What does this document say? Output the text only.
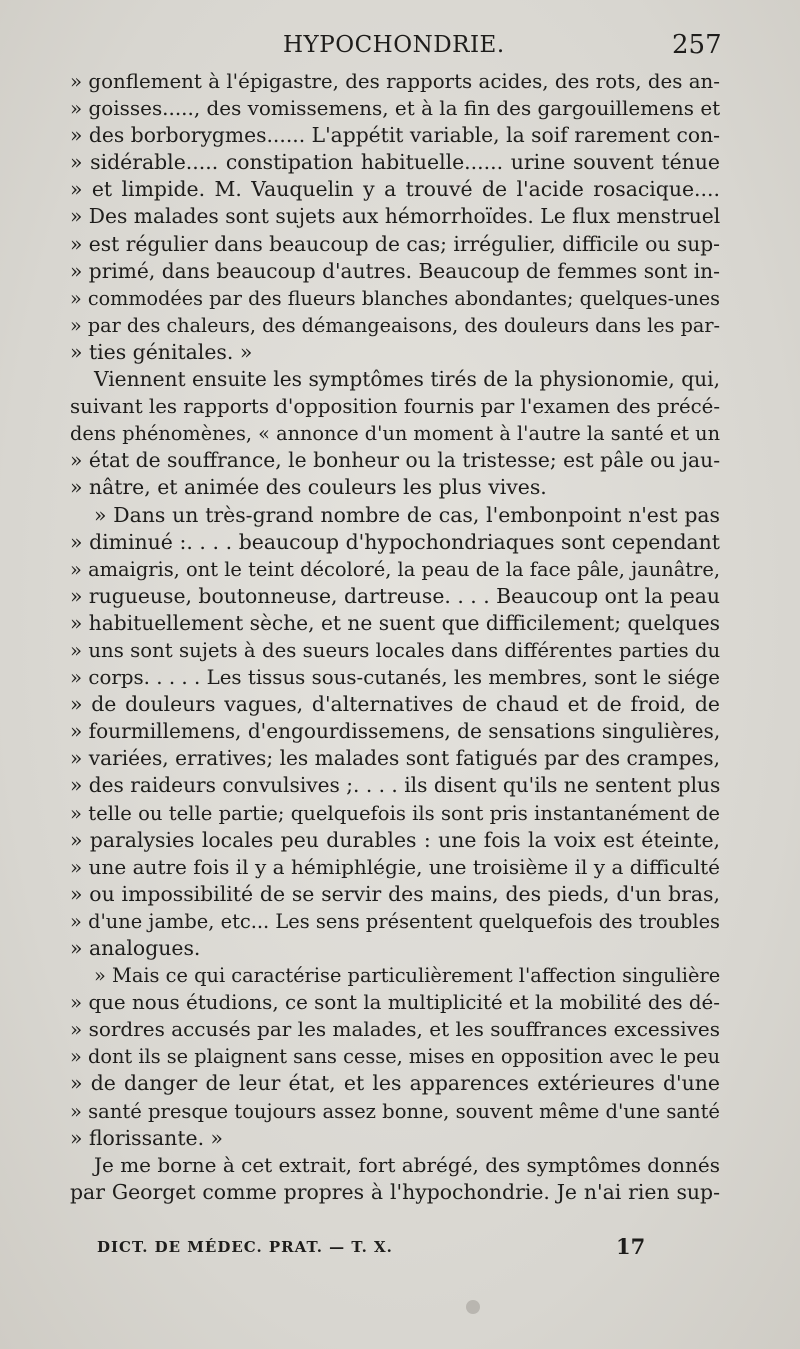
HYPOCHONDRIE.	257
» gonflement à l'épigastre, des rapports acides, des rots, des an-
» goisses....., des vomissemens, et à la fin des gargouillemens et
» des borborygmes...... L'appétit variable, la soif rarement con-
» sidérable..... constipation habituelle...... urine souvent ténue
» et limpide. M. Vauquelin y a trouvé de l'acide rosacique....
» Des malades sont sujets aux hémorrhoïdes. Le flux menstruel
» est régulier dans beaucoup de cas; irrégulier, difficile ou sup-
» primé, dans beaucoup d'autres. Beaucoup de femmes sont in-
» commodées par des flueurs blanches abondantes; quelques-unes
» par des chaleurs, des démangeaisons, des douleurs dans les par-
» ties génitales. »
Viennent ensuite les symptômes tirés de la physionomie, qui,
suivant les rapports d'opposition fournis par l'examen des précé-
dens phénomènes, « annonce d'un moment à l'autre la santé et un
» état de souffrance, le bonheur ou la tristesse; est pâle ou jau-
» nâtre, et animée des couleurs les plus vives.
» Dans un très-grand nombre de cas, l'embonpoint n'est pas
» diminué :. . . . beaucoup d'hypochondriaques sont cependant
» amaigris, ont le teint décoloré, la peau de la face pâle, jaunâtre,
» rugueuse, boutonneuse, dartreuse. . . . Beaucoup ont la peau
» habituellement sèche, et ne suent que difficilement; quelques
» uns sont sujets à des sueurs locales dans différentes parties du
» corps. . . . . Les tissus sous-cutanés, les membres, sont le siége
» de douleurs vagues, d'alternatives de chaud et de froid, de
» fourmillemens, d'engourdissemens, de sensations singulières,
» variées, erratives; les malades sont fatigués par des crampes,
» des raideurs convulsives ;. . . . ils disent qu'ils ne sentent plus
» telle ou telle partie; quelquefois ils sont pris instantanément de
» paralysies locales peu durables : une fois la voix est éteinte,
» une autre fois il y a hémiphlégie, une troisième il y a difficulté
» ou impossibilité de se servir des mains, des pieds, d'un bras,
» d'une jambe, etc... Les sens présentent quelquefois des troubles
» analogues.
» Mais ce qui caractérise particulièrement l'affection singulière
» que nous étudions, ce sont la multiplicité et la mobilité des dé-
» sordres accusés par les malades, et les souffrances excessives
» dont ils se plaignent sans cesse, mises en opposition avec le peu
» de danger de leur état, et les apparences extérieures d'une
» santé presque toujours assez bonne, souvent même d'une santé
» florissante. »
Je me borne à cet extrait, fort abrégé, des symptômes donnés
par Georget comme propres à l'hypochondrie. Je n'ai rien sup-
DICT. DE MÉDEC. PRAT. — T. X.	17
